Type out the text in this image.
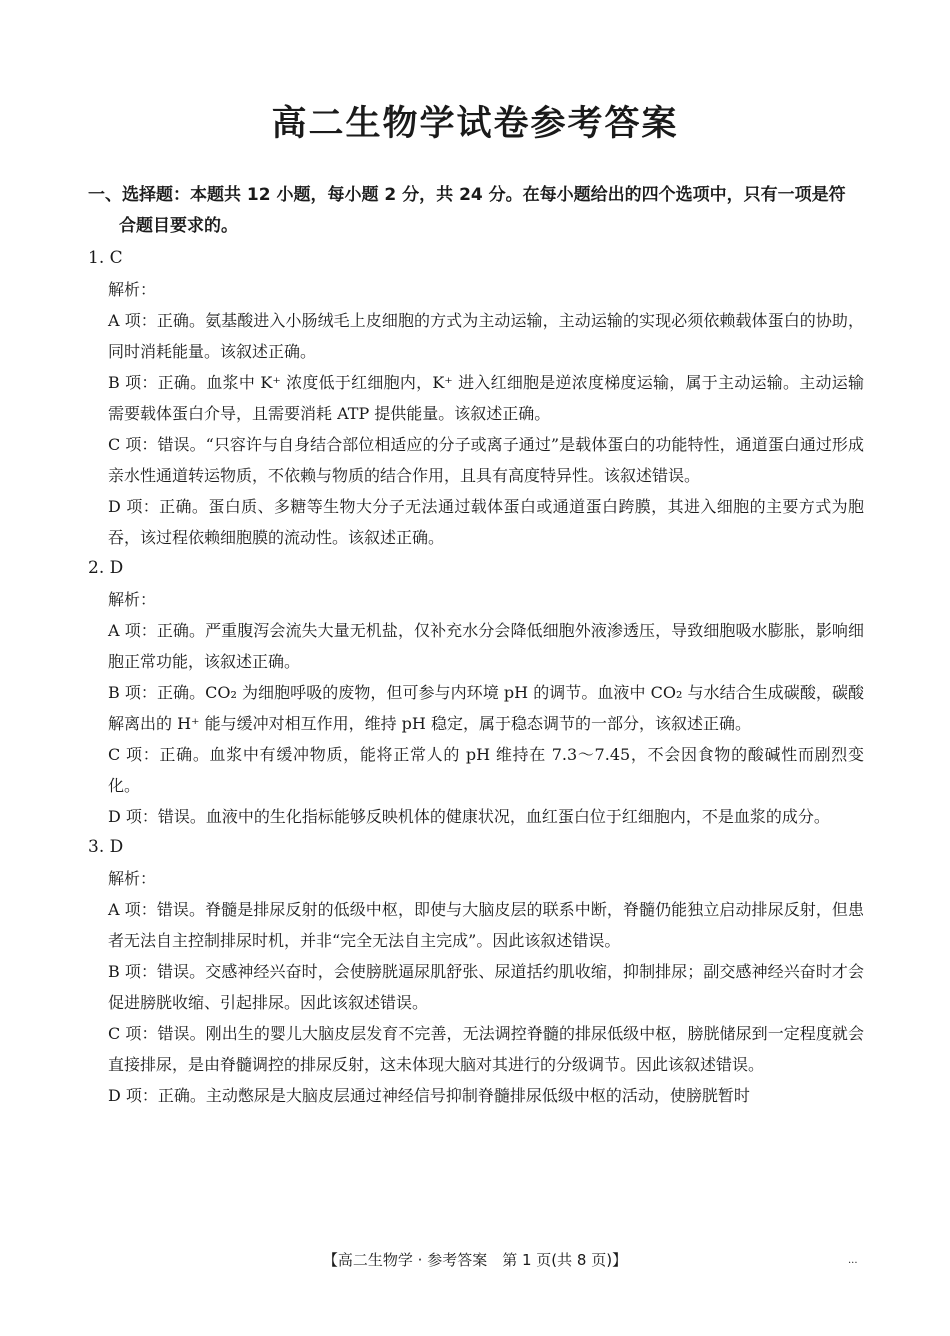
高二生物学试卷参考答案
一、选择题：本题共 12 小题，每小题 2 分，共 24 分。在每小题给出的四个选项中，只有一项是符
合题目要求的。
1. C
解析：
A 项：正确。氨基酸进入小肠绒毛上皮细胞的方式为主动运输，主动运输的实现必须依赖载体蛋白的协助，同时消耗能量。该叙述正确。
B 项：正确。血浆中 K⁺ 浓度低于红细胞内，K⁺ 进入红细胞是逆浓度梯度运输，属于主动运输。主动运输需要载体蛋白介导，且需要消耗 ATP 提供能量。该叙述正确。
C 项：错误。“只容许与自身结合部位相适应的分子或离子通过”是载体蛋白的功能特性，通道蛋白通过形成亲水性通道转运物质，不依赖与物质的结合作用，且具有高度特异性。该叙述错误。
D 项：正确。蛋白质、多糖等生物大分子无法通过载体蛋白或通道蛋白跨膜，其进入细胞的主要方式为胞吞，该过程依赖细胞膜的流动性。该叙述正确。
2. D
解析：
A 项：正确。严重腹泻会流失大量无机盐，仅补充水分会降低细胞外液渗透压，导致细胞吸水膨胀，影响细胞正常功能，该叙述正确。
B 项：正确。CO₂ 为细胞呼吸的废物，但可参与内环境 pH 的调节。血液中 CO₂ 与水结合生成碳酸，碳酸解离出的 H⁺ 能与缓冲对相互作用，维持 pH 稳定，属于稳态调节的一部分，该叙述正确。
C 项：正确。血浆中有缓冲物质，能将正常人的 pH 维持在 7.3～7.45，不会因食物的酸碱性而剧烈变化。
D 项：错误。血液中的生化指标能够反映机体的健康状况，血红蛋白位于红细胞内，不是血浆的成分。
3. D
解析：
A 项：错误。脊髓是排尿反射的低级中枢，即使与大脑皮层的联系中断，脊髓仍能独立启动排尿反射，但患者无法自主控制排尿时机，并非“完全无法自主完成”。因此该叙述错误。
B 项：错误。交感神经兴奋时，会使膀胱逼尿肌舒张、尿道括约肌收缩，抑制排尿；副交感神经兴奋时才会促进膀胱收缩、引起排尿。因此该叙述错误。
C 项：错误。刚出生的婴儿大脑皮层发育不完善，无法调控脊髓的排尿低级中枢，膀胱储尿到一定程度就会直接排尿，是由脊髓调控的排尿反射，这未体现大脑对其进行的分级调节。因此该叙述错误。
D 项：正确。主动憋尿是大脑皮层通过神经信号抑制脊髓排尿低级中枢的活动，使膀胱暂时
【高二生物学 · 参考答案　第 1 页(共 8 页)】	...
